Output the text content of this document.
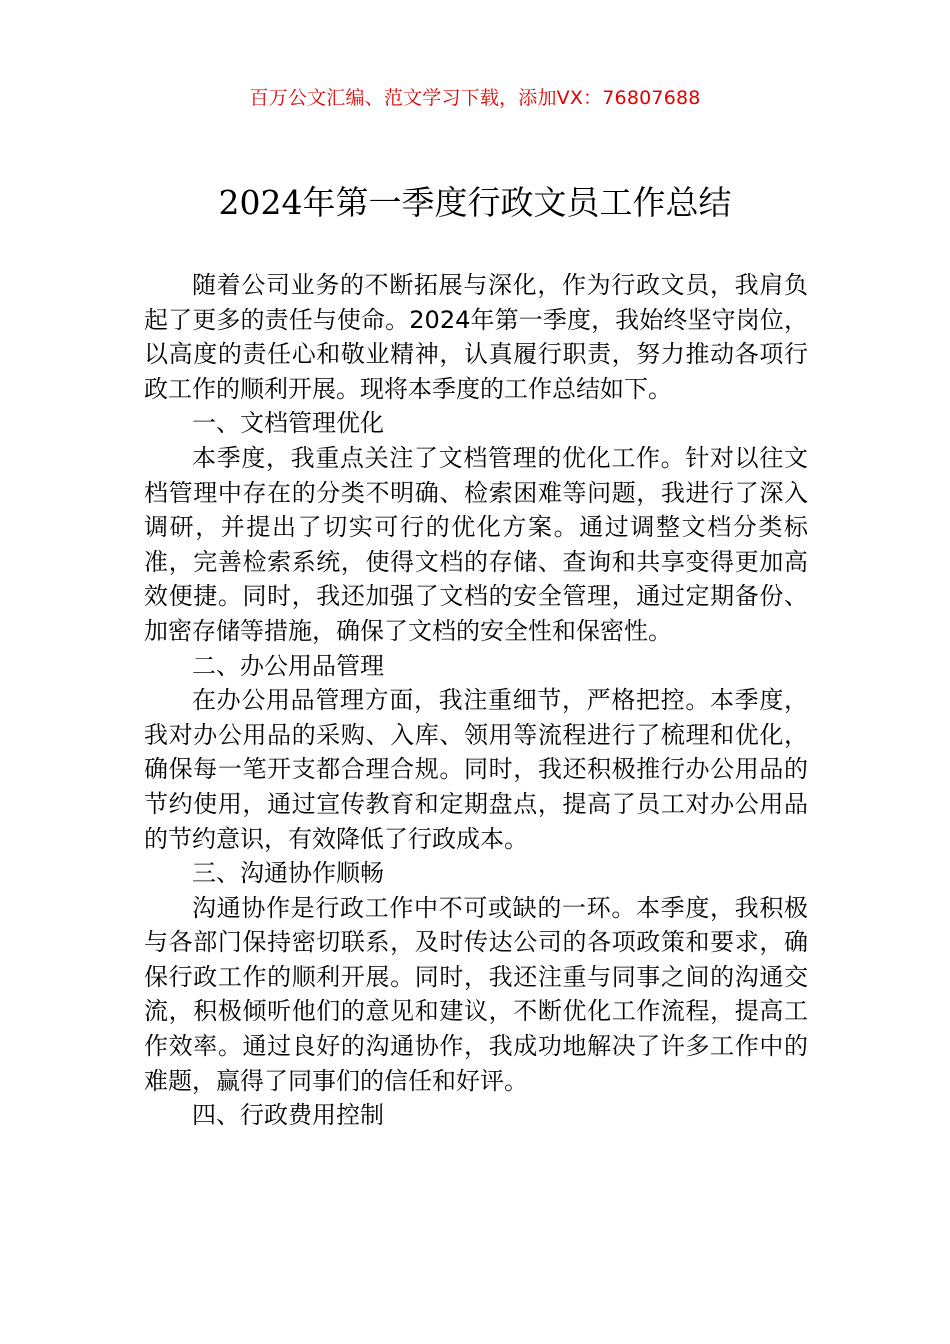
百万公文汇编、范文学习下载，添加VX：76807688
2024年第一季度行政文员工作总结

随着公司业务的不断拓展与深化，作为行政文员，我肩负起了更多的责任与使命。2024年第一季度，我始终坚守岗位，以高度的责任心和敬业精神，认真履行职责，努力推动各项行政工作的顺利开展。现将本季度的工作总结如下。

一、文档管理优化

本季度，我重点关注了文档管理的优化工作。针对以往文档管理中存在的分类不明确、检索困难等问题，我进行了深入调研，并提出了切实可行的优化方案。通过调整文档分类标准，完善检索系统，使得文档的存储、查询和共享变得更加高效便捷。同时，我还加强了文档的安全管理，通过定期备份、加密存储等措施，确保了文档的安全性和保密性。

二、办公用品管理

在办公用品管理方面，我注重细节，严格把控。本季度，我对办公用品的采购、入库、领用等流程进行了梳理和优化，确保每一笔开支都合理合规。同时，我还积极推行办公用品的节约使用，通过宣传教育和定期盘点，提高了员工对办公用品的节约意识，有效降低了行政成本。

三、沟通协作顺畅

沟通协作是行政工作中不可或缺的一环。本季度，我积极与各部门保持密切联系，及时传达公司的各项政策和要求，确保行政工作的顺利开展。同时，我还注重与同事之间的沟通交流，积极倾听他们的意见和建议，不断优化工作流程，提高工作效率。通过良好的沟通协作，我成功地解决了许多工作中的难题，赢得了同事们的信任和好评。

四、行政费用控制
